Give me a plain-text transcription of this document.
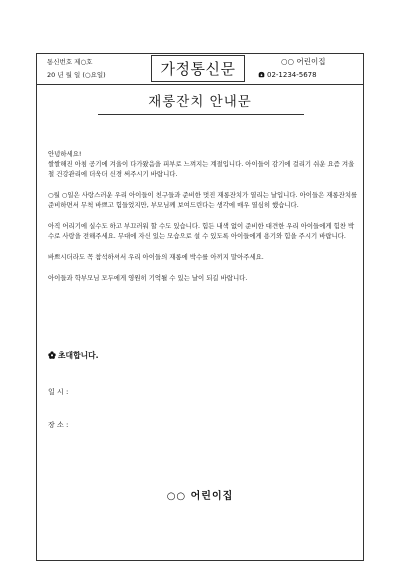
통신번호 제○호
20 년 월 일 (○요일)	가정통신문	○○ 어린이집
02-1234-5678
재롱잔치 안내문

안녕하세요!

쌀쌀해진 아침 공기에 겨울이 다가왔음을 피부로 느껴지는 계절입니다. 아이들이 감기에 걸리기 쉬운 요즘 겨울철 건강관리에 더욱더 신경 써주시기 바랍니다.

○월 ○일은 사랑스러운 우리 아이들이 친구들과 준비한 멋진 재롱잔치가 열리는 날입니다. 아이들은 재롱잔치를 준비하면서 무척 바쁘고 힘들었지만, 부모님께 보여드린다는 생각에 매우 열심히 했습니다.

아직 어리기에 실수도 하고 부끄러워 할 수도 있습니다. 힘든 내색 없이 준비한 대견한 우리 아이들에게 힘찬 박수로 사랑을 전해주세요. 무대에 자신 있는 모습으로 설 수 있도록 아이들에게 용기와 힘을 주시기 바랍니다.

바쁘시더라도 꼭 참석하셔서 우리 아이들의 재롱에 박수를 아끼지 말아주세요.

아이들과 학부모님 모두에게 영원히 기억될 수 있는 날이 되길 바랍니다.

초대합니다.
일 시 :
장 소 :
○○ 어린이집
